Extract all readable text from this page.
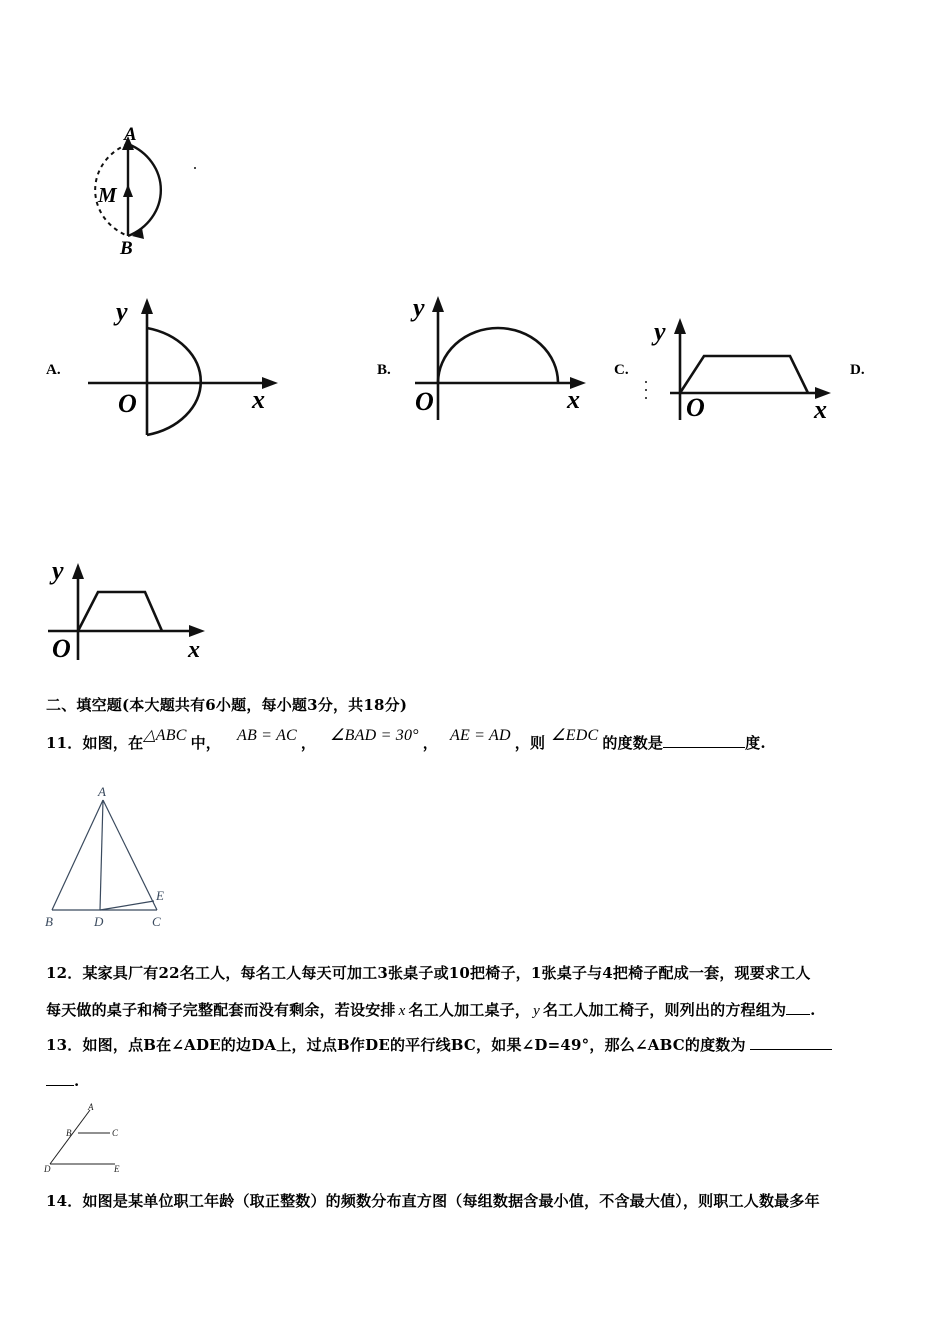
A
M
B
A.
y
O	x
B.
y
O	x
C.
y
O	x
D.
y
O	x
二、填空题(本大题共有6小题，每小题3分，共18分)
11．如图，在△ABC 中， AB = AC ， ∠BAD = 30° ， AE = AD ，则 ∠EDC 的度数是	度.
A
B	D	C
E
12．某家具厂有22名工人，每名工人每天可加工3张桌子或10把椅子，1张桌子与4把椅子配成一套，现要求工人
每天做的桌子和椅子完整配套而没有剩余，若设安排 x 名工人加工桌子， y 名工人加工椅子，则列出的方程组为 .
13．如图，点B在∠ADE的边DA上，过点B作DE的平行线BC，如果∠D=49°，那么∠ABC的度数为
.
A
B	C
D	E
14．如图是某单位职工年龄（取正整数）的频数分布直方图（每组数据含最小值，不含最大值），则职工人数最多年
